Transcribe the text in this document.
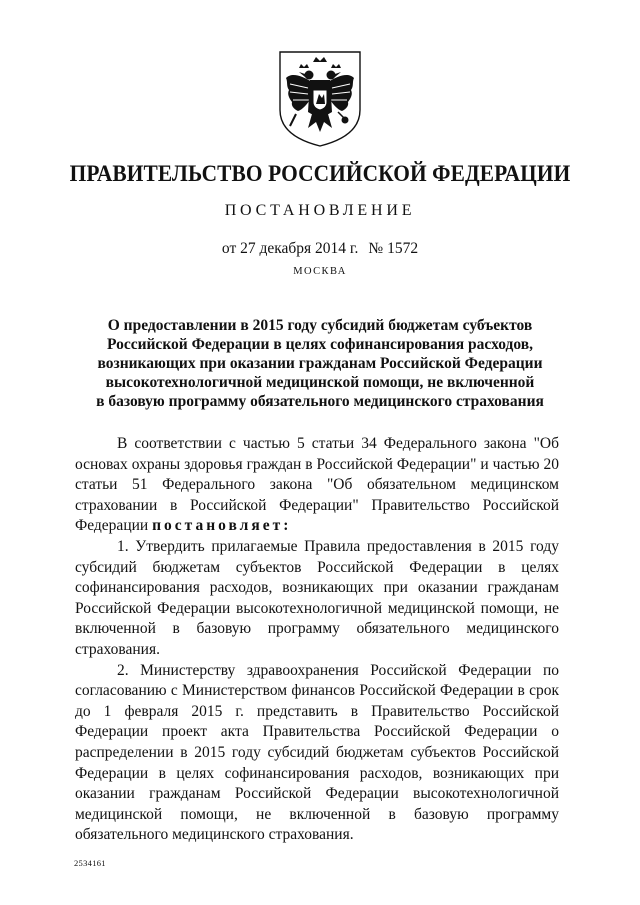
ПРАВИТЕЛЬСТВО РОССИЙСКОЙ ФЕДЕРАЦИИ
ПОСТАНОВЛЕНИЕ
от 27 декабря 2014 г. № 1572
МОСКВА
О предоставлении в 2015 году субсидий бюджетам субъектов
Российской Федерации в целях софинансирования расходов,
возникающих при оказании гражданам Российской Федерации
высокотехнологичной медицинской помощи, не включенной
в базовую программу обязательного медицинского страхования

В соответствии с частью 5 статьи 34 Федерального закона "Об основах охраны здоровья граждан в Российской Федерации" и частью 20 статьи 51 Федерального закона "Об обязательном медицинском страховании в Российской Федерации" Правительство Российской Федерации постановляет:

1. Утвердить прилагаемые Правила предоставления в 2015 году субсидий бюджетам субъектов Российской Федерации в целях софинансирования расходов, возникающих при оказании гражданам Российской Федерации высокотехнологичной медицинской помощи, не включенной в базовую программу обязательного медицинского страхования.

2. Министерству здравоохранения Российской Федерации по согласованию с Министерством финансов Российской Федерации в срок до 1 февраля 2015 г. представить в Правительство Российской Федерации проект акта Правительства Российской Федерации о распределении в 2015 году субсидий бюджетам субъектов Российской Федерации в целях софинансирования расходов, возникающих при оказании гражданам Российской Федерации высокотехнологичной медицинской помощи, не включенной в базовую программу обязательного медицинского страхования.

2534161
